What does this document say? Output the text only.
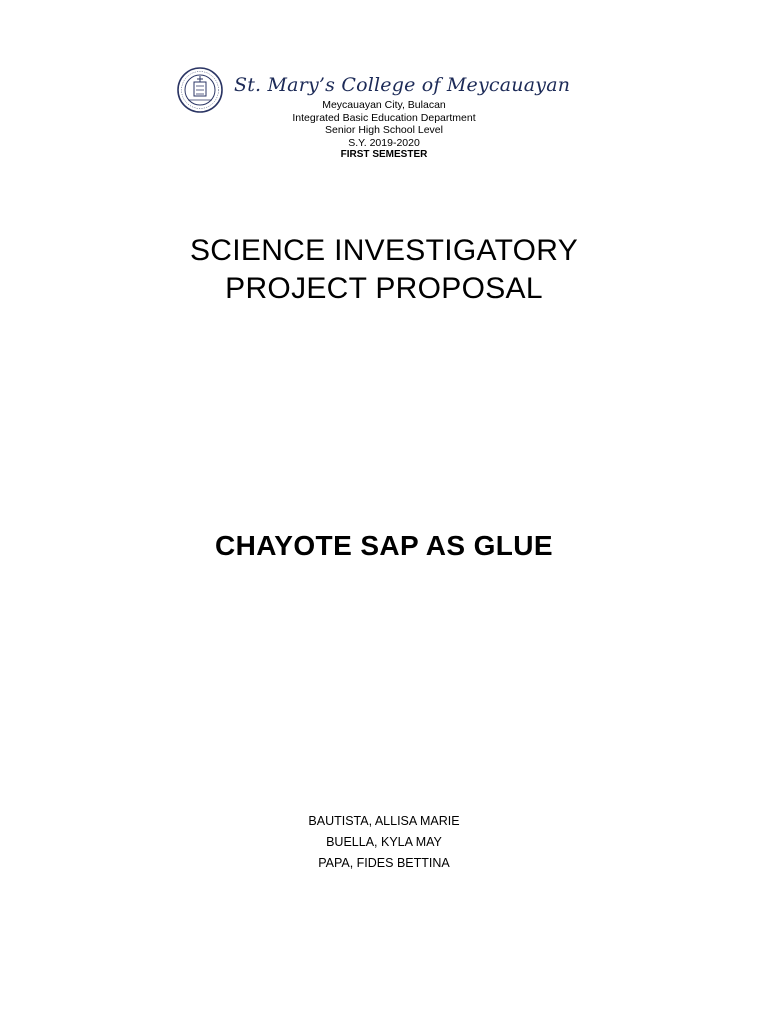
St. Mary’s College of Meycauayan
Meycauayan City, Bulacan
Integrated Basic Education Department
Senior High School Level
S.Y. 2019-2020
FIRST SEMESTER
SCIENCE INVESTIGATORY
PROJECT PROPOSAL
CHAYOTE SAP AS GLUE
BAUTISTA, ALLISA MARIE
BUELLA, KYLA MAY
PAPA, FIDES BETTINA
